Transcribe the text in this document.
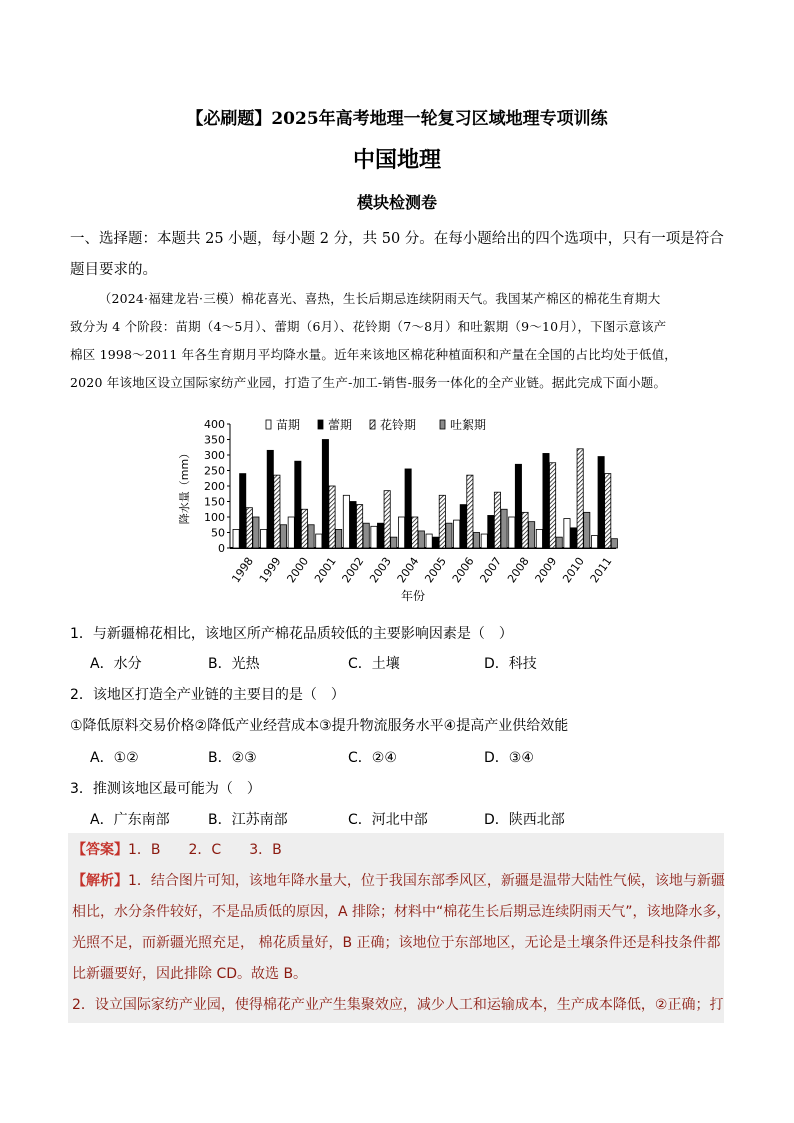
【必刷题】2025年高考地理一轮复习区域地理专项训练
中国地理
模块检测卷
一、选择题：本题共 25 小题，每小题 2 分，共 50 分。在每小题给出的四个选项中，只有一项是符合
题目要求的。

（2024·福建龙岩·三模）棉花喜光、喜热，生长后期忌连续阴雨天气。我国某产棉区的棉花生育期大

致分为 4 个阶段：苗期（4～5月）、蕾期（6月）、花铃期（7～8月）和吐絮期（9～10月），下图示意该产
棉区 1998～2011 年各生育期月平均降水量。近年来该地区棉花种植面积和产量在全国的占比均处于低值，
2020 年该地区设立国际家纺产业园，打造了生产-加工-销售-服务一体化的全产业链。据此完成下面小题。
苗期 蕾期 花铃期	吐絮期
0
50
100
150
200
250
300
350
400
1998 1999 2000 2001 2002 2003 2004 2005 2006 2007 2008 2009 2010 2011
降水量（mm）
年份
1．与新疆棉花相比，该地区所产棉花品质较低的主要影响因素是（　）
A．水分	B．光热	C．土壤	D．科技
2．该地区打造全产业链的主要目的是（　）
①降低原料交易价格②降低产业经营成本③提升物流服务水平④提高产业供给效能
A．①②	B．②③	C．②④	D．③④
3．推测该地区最可能为（　）
A．广东南部	B．江苏南部	C．河北中部	D．陕西北部
【答案】1．B　　2．C　　3．B
【解析】1．结合图片可知，该地年降水量大，位于我国东部季风区，新疆是温带大陆性气候，该地与新疆
相比，水分条件较好，不是品质低的原因，A 排除；材料中“棉花生长后期忌连续阴雨天气”，该地降水多，
光照不足，而新疆光照充足， 棉花质量好，B 正确；该地位于东部地区，无论是土壤条件还是科技条件都
比新疆要好，因此排除 CD。故选 B。
2．设立国际家纺产业园，使得棉花产业产生集聚效应，减少人工和运输成本，生产成本降低，②正确；打
